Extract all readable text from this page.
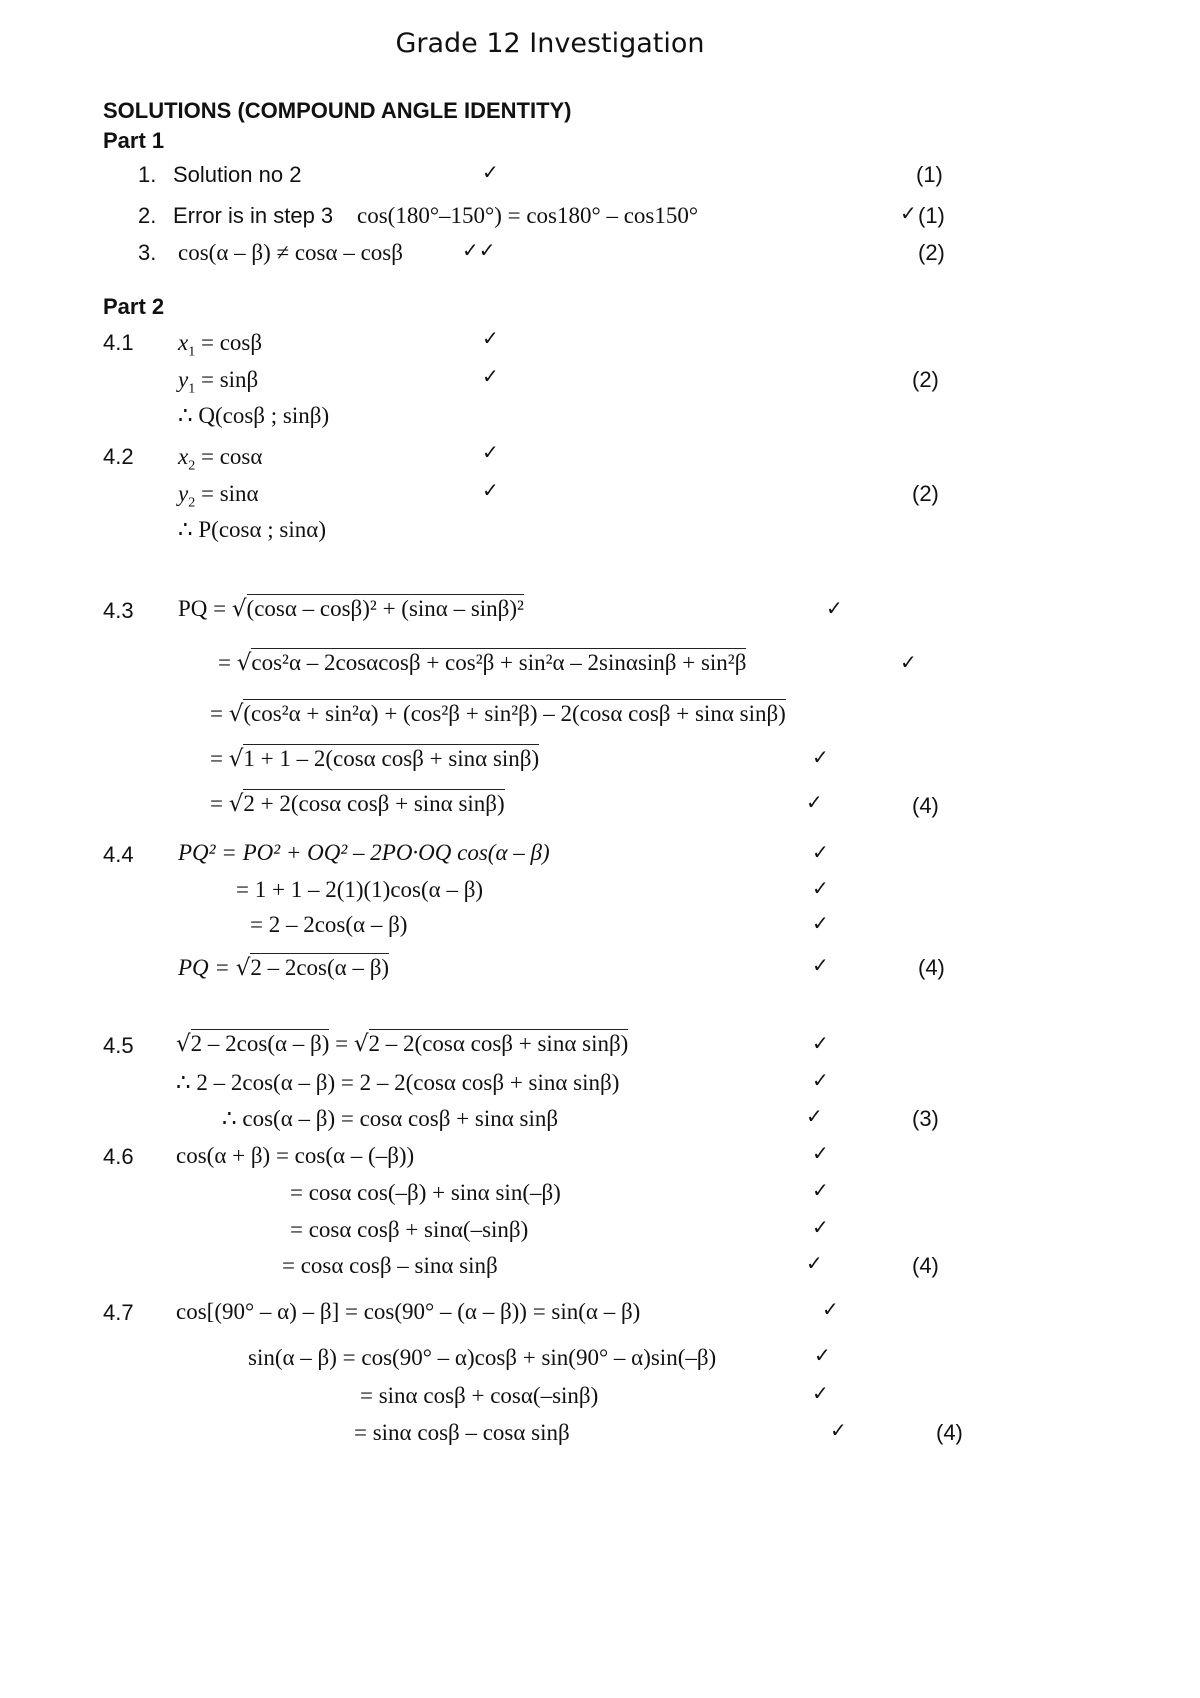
Grade 12 Investigation
SOLUTIONS (COMPOUND ANGLE IDENTITY)
Part 1
1. Solution no 2	✓	(1)
2. Error is in step 3 cos(180°–150°) = cos180° – cos150°	✓ (1)
3. cos(α – β) ≠ cosα – cosβ	✓✓	(2)
Part 2
4.1 $x_1 = \cos\beta$	✓
$y_1 = \sin\beta$	✓	(2)
∴ Q(cosβ ; sinβ)
4.2 $x_2 = \cos\alpha$	✓
$y_2 = \sin\alpha$	✓	(2)
∴ P(cosα ; sinα)
4.3 PQ = √(cosα – cosβ)² + (sinα – sinβ)²	✓
= √cos²α – 2cosαcosβ + cos²β + sin²α – 2sinαsinβ + sin²β	✓
= √(cos²α + sin²α) + (cos²β + sin²β) – 2(cosα cosβ + sinα sinβ)
= √1 + 1 – 2(cosα cosβ + sinα sinβ)	✓
= √2 + 2(cosα cosβ + sinα sinβ)	✓	(4)
4.4 PQ² = PO² + OQ² – 2PO·OQ cos(α – β)	✓
= 1 + 1 – 2(1)(1)cos(α – β)	✓
= 2 – 2cos(α – β)	✓
PQ = √2 – 2cos(α – β)	✓	(4)
4.5 √2 – 2cos(α – β) = √2 – 2(cosα cosβ + sinα sinβ)	✓
∴ 2 – 2cos(α – β) = 2 – 2(cosα cosβ + sinα sinβ)	✓
∴ cos(α – β) = cosα cosβ + sinα sinβ	✓	(3)
4.6 cos(α + β) = cos(α – (–β))	✓
= cosα cos(–β) + sinα sin(–β)	✓
= cosα cosβ + sinα(–sinβ)	✓
= cosα cosβ – sinα sinβ	✓	(4)
4.7 cos[(90° – α) – β] = cos(90° – (α – β)) = sin(α – β)	✓
sin(α – β) = cos(90° – α)cosβ + sin(90° – α)sin(–β)	✓
= sinα cosβ + cosα(–sinβ)	✓
= sinα cosβ – cosα sinβ	✓	(4)
